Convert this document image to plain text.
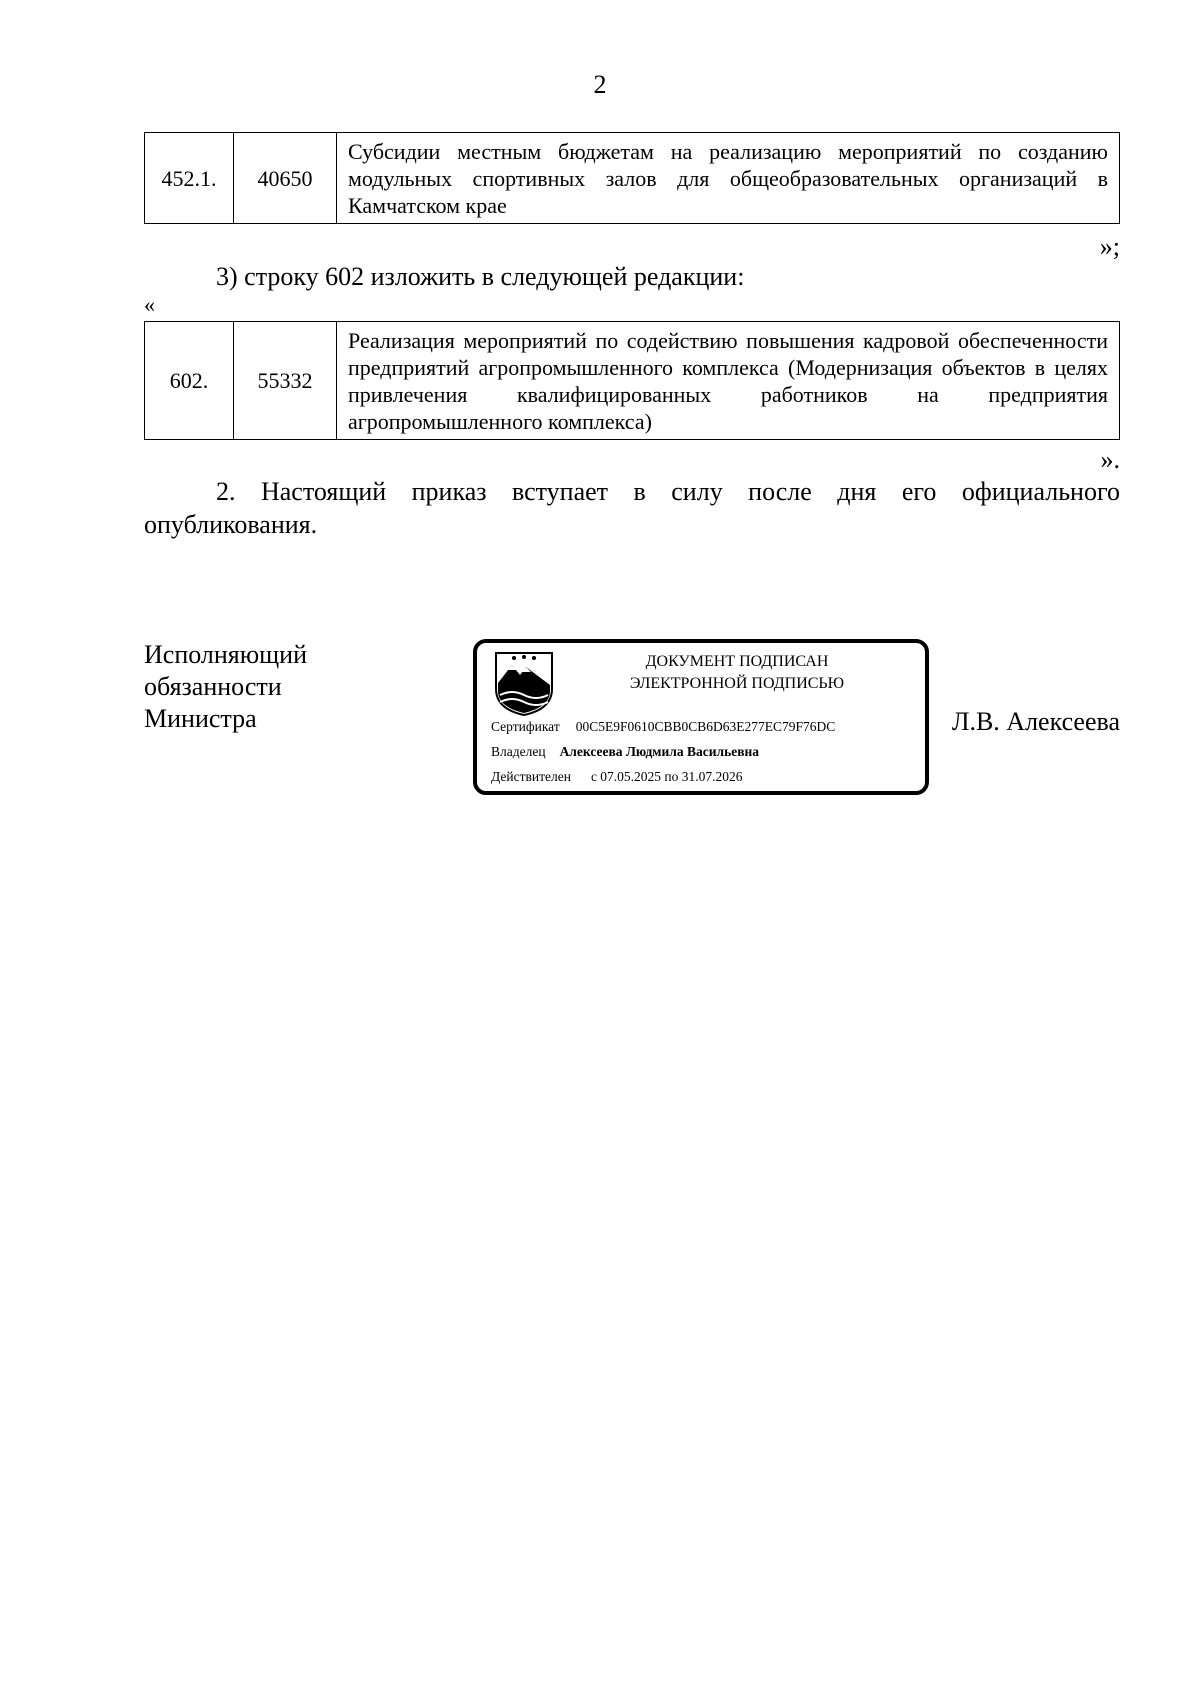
2
452.1.	40650	Субсидии местным бюджетам на реализацию мероприятий по созданию модульных спортивных залов для общеобразовательных организаций в Камчатском крае
»;
3) строку 602 изложить в следующей редакции:
«
602.	55332	Реализация мероприятий по содействию повышения кадровой обеспеченности предприятий агропромышленного комплекса (Модернизация объектов в целях привлечения квалифицированных работников на предприятия агропромышленного комплекса)
».
2. Настоящий приказ вступает в силу после дня его официального опубликования.
Исполняющий
обязанности
Министра
ДОКУМЕНТ ПОДПИСАН
ЭЛЕКТРОННОЙ ПОДПИСЬЮ
Сертификат 00C5E9F0610CBB0CB6D63E277EC79F76DC
Владелец Алексеева Людмила Васильевна
Действителен с 07.05.2025 по 31.07.2026
Л.В. Алексеева
